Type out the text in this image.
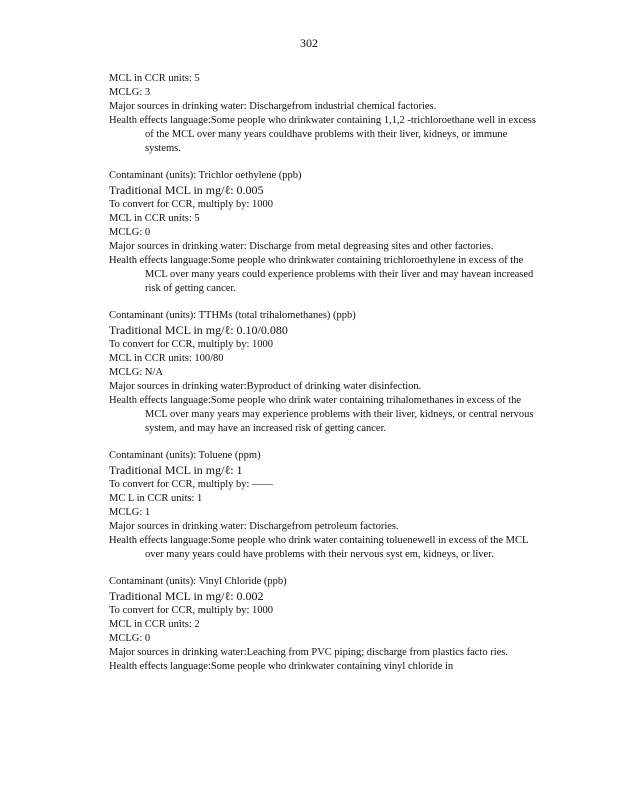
302
MCL in CCR units: 5
MCLG: 3
Major sources in drinking water: Dischargefrom industrial chemical factories.
Health effects language:Some people who drinkwater containing 1,1,2 -trichloroethane well in excess of the MCL over many years couldhave problems with their liver, kidneys, or immune systems.
Contaminant (units): Trichlor oethylene (ppb)
Traditional MCL in mg/ℓ: 0.005
To convert for CCR, multiply by: 1000
MCL in CCR units: 5
MCLG: 0
Major sources in drinking water: Discharge from metal degreasing sites and other factories.
Health effects language:Some people who drinkwater containing trichloroethylene in excess of the MCL over many years could experience problems with their liver and may havean increased risk of getting cancer.
Contaminant (units): TTHMs (total trihalomethanes) (ppb)
Traditional MCL in mg/ℓ: 0.10/0.080
To convert for CCR, multiply by: 1000
MCL in CCR units: 100/80
MCLG: N/A
Major sources in drinking water:Byproduct of drinking water disinfection.
Health effects language:Some people who drink water containing trihalomethanes in excess of the MCL over many years may experience problems with their liver, kidneys, or central nervous system, and may have an increased risk of getting cancer.
Contaminant (units): Toluene (ppm)
Traditional MCL in mg/ℓ: 1
To convert for CCR, multiply by: ——
MC L in CCR units: 1
MCLG: 1
Major sources in drinking water: Dischargefrom petroleum factories.
Health effects language:Some people who drink water containing toluenewell in excess of the MCL over many years could have problems with their nervous syst em, kidneys, or liver.
Contaminant (units): Vinyl Chloride (ppb)
Traditional MCL in mg/ℓ: 0.002
To convert for CCR, multiply by: 1000
MCL in CCR units: 2
MCLG: 0
Major sources in drinking water:Leaching from PVC piping; discharge from plastics facto ries.
Health effects language:Some people who drinkwater containing vinyl chloride in
